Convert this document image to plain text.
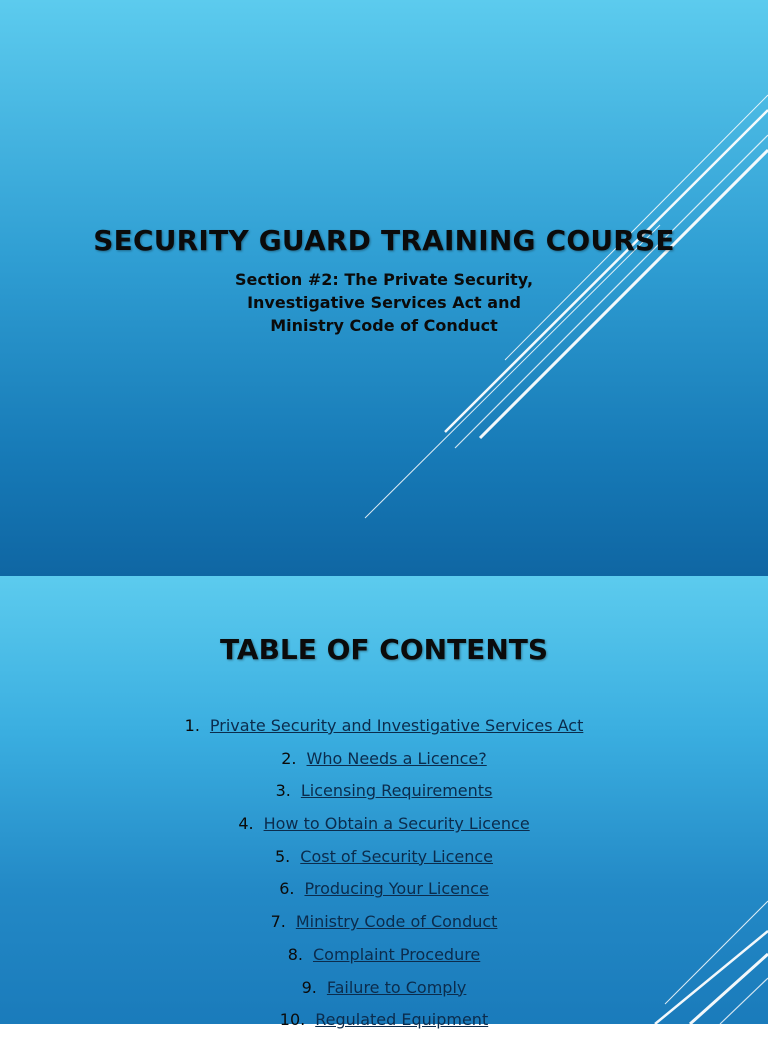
SECURITY GUARD TRAINING COURSE
Section #2: The Private Security,
Investigative Services Act and
Ministry Code of Conduct
TABLE OF CONTENTS
1. Private Security and Investigative Services Act
2. Who Needs a Licence?
3. Licensing Requirements
4. How to Obtain a Security Licence
5. Cost of Security Licence
6. Producing Your Licence
7. Ministry Code of Conduct
8. Complaint Procedure
9. Failure to Comply
10. Regulated Equipment
